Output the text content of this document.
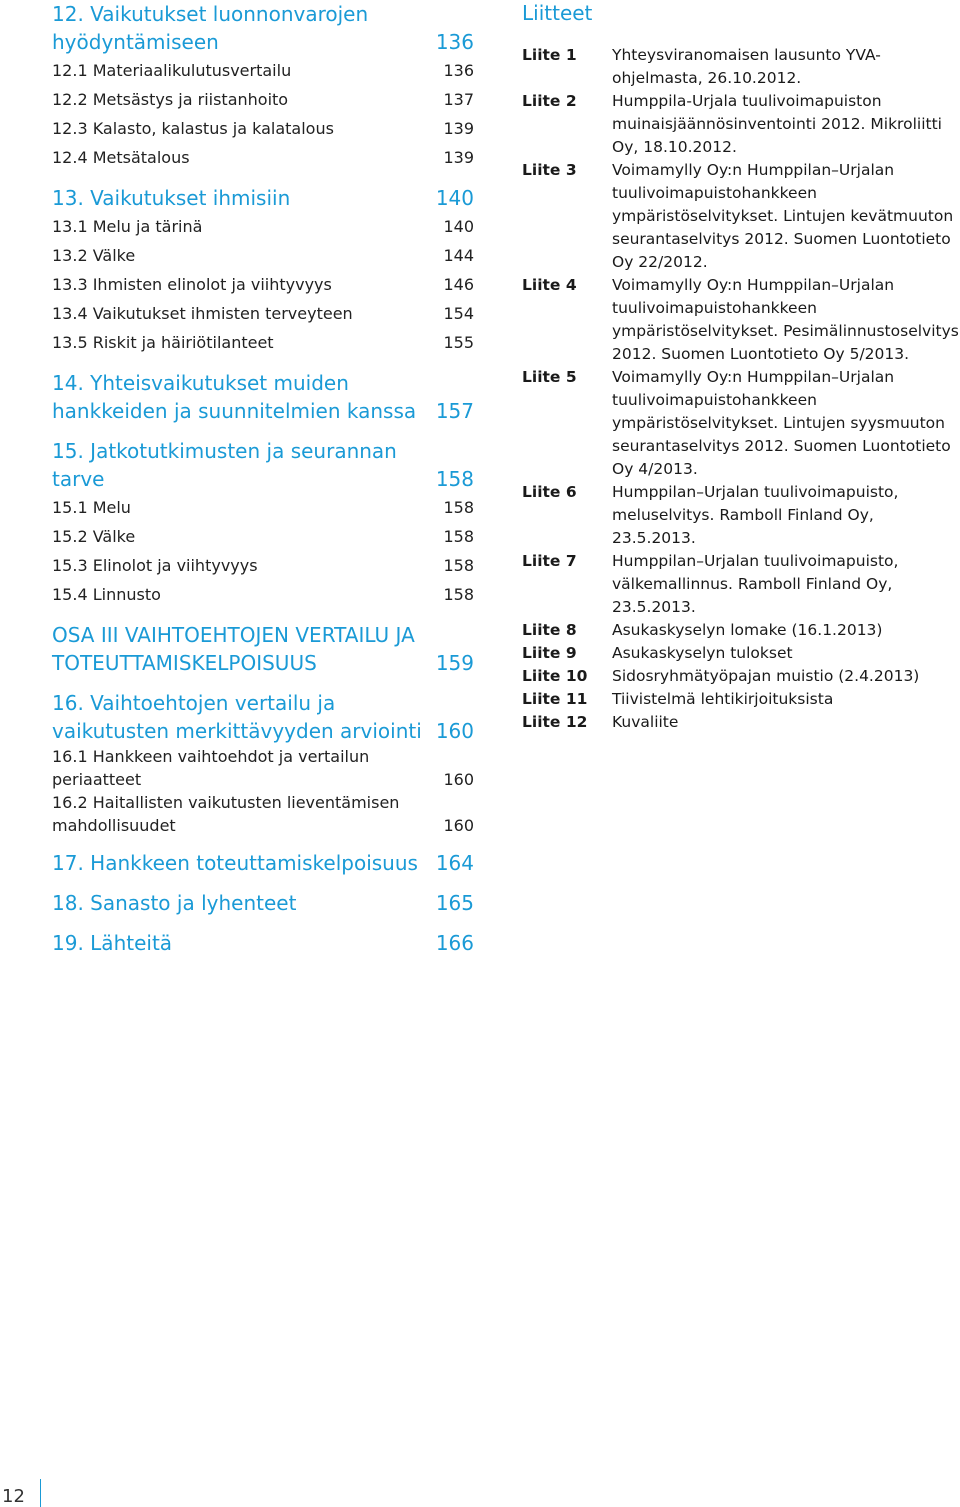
12. Vaikutukset luonnonvarojen hyödyntämiseen	136
12.1 Materiaalikulutusvertailu	136
12.2 Metsästys ja riistanhoito	137
12.3 Kalasto, kalastus ja kalatalous	139
12.4 Metsätalous	139
13. Vaikutukset ihmisiin	140
13.1 Melu ja tärinä	140
13.2 Välke	144
13.3 Ihmisten elinolot ja viihtyvyys	146
13.4 Vaikutukset ihmisten terveyteen	154
13.5 Riskit ja häiriötilanteet	155
14. Yhteisvaikutukset muiden hankkeiden ja suunnitelmien kanssa 157
15. Jatkotutkimusten ja seurannan tarve	158
15.1 Melu	158
15.2 Välke	158
15.3 Elinolot ja viihtyvyys	158
15.4 Linnusto	158
OSA III VAIHTOEHTOJEN VERTAILU JA TOTEUTTAMISKELPOISUUS	159
16. Vaihtoehtojen vertailu ja vaikutusten merkittävyyden arviointi 160
16.1 Hankkeen vaihtoehdot ja vertailun periaatteet	160
16.2 Haitallisten vaikutusten lieventämisen mahdollisuudet	160
17. Hankkeen toteuttamiskelpoisuus 164
18. Sanasto ja lyhenteet	165
19. Lähteitä	166
Liitteet
Liite 1	Yhteysviranomaisen lausunto YVA-ohjelmasta, 26.10.2012.
Liite 2	Humppila-Urjala tuulivoimapuiston muinaisjäännösinventointi 2012. Mikroliitti Oy, 18.10.2012.
Liite 3	Voimamylly Oy:n Humppilan–Urjalan tuulivoimapuistohankkeen ympäristöselvitykset. Lintujen kevätmuuton seurantaselvitys 2012. Suomen Luontotieto Oy 22/2012.
Liite 4	Voimamylly Oy:n Humppilan–Urjalan tuulivoimapuistohankkeen ympäristöselvitykset. Pesimälinnustoselvitys 2012. Suomen Luontotieto Oy 5/2013.
Liite 5	Voimamylly Oy:n Humppilan–Urjalan tuulivoimapuistohankkeen ympäristöselvitykset. Lintujen syysmuuton seurantaselvitys 2012. Suomen Luontotieto Oy 4/2013.
Liite 6	Humppilan–Urjalan tuulivoimapuisto, meluselvitys. Ramboll Finland Oy, 23.5.2013.
Liite 7	Humppilan–Urjalan tuulivoimapuisto, välkemallinnus. Ramboll Finland Oy, 23.5.2013.
Liite 8	Asukaskyselyn lomake (16.1.2013)
Liite 9	Asukaskyselyn tulokset
Liite 10	Sidosryhmätyöpajan muistio (2.4.2013)
Liite 11	Tiivistelmä lehtikirjoituksista
Liite 12	Kuvaliite
12
